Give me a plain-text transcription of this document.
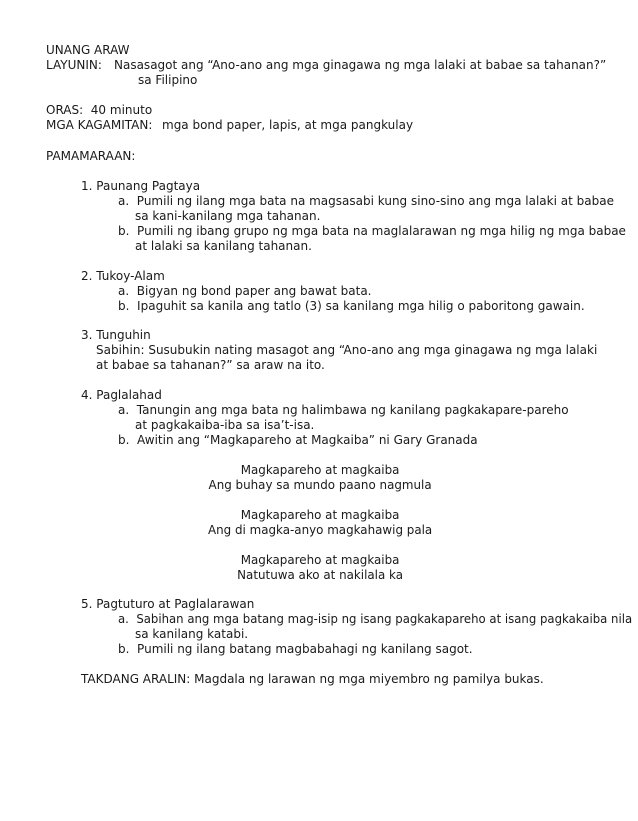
UNANG ARAW
LAYUNIN: Nasasagot ang “Ano-ano ang mga ginagawa ng mga lalaki at babae sa tahanan?”
sa Filipino
ORAS:  40 minuto
MGA KAGAMITAN: mga bond paper, lapis, at mga pangkulay
PAMAMARAAN:
1. Paunang Pagtaya
a.  Pumili ng ilang mga bata na magsasabi kung sino-sino ang mga lalaki at babae
sa kani-kanilang mga tahanan.
b.  Pumili ng ibang grupo ng mga bata na maglalarawan ng mga hilig ng mga babae
at lalaki sa kanilang tahanan.
2. Tukoy-Alam
a.  Bigyan ng bond paper ang bawat bata.
b.  Ipaguhit sa kanila ang tatlo (3) sa kanilang mga hilig o paboritong gawain.
3. Tunguhin
Sabihin: Susubukin nating masagot ang “Ano-ano ang mga ginagawa ng mga lalaki
at babae sa tahanan?” sa araw na ito.
4. Paglalahad
a.  Tanungin ang mga bata ng halimbawa ng kanilang pagkakapare-pareho
at pagkakaiba-iba sa isa’t-isa.
b.  Awitin ang “Magkapareho at Magkaiba” ni Gary Granada
Magkapareho at magkaiba
Ang buhay sa mundo paano nagmula
Magkapareho at magkaiba
Ang di magka-anyo magkahawig pala
Magkapareho at magkaiba
Natutuwa ako at nakilala ka
5. Pagtuturo at Paglalarawan
a.  Sabihan ang mga batang mag-isip ng isang pagkakapareho at isang pagkakaiba nila
sa kanilang katabi.
b.  Pumili ng ilang batang magbabahagi ng kanilang sagot.
TAKDANG ARALIN: Magdala ng larawan ng mga miyembro ng pamilya bukas.
